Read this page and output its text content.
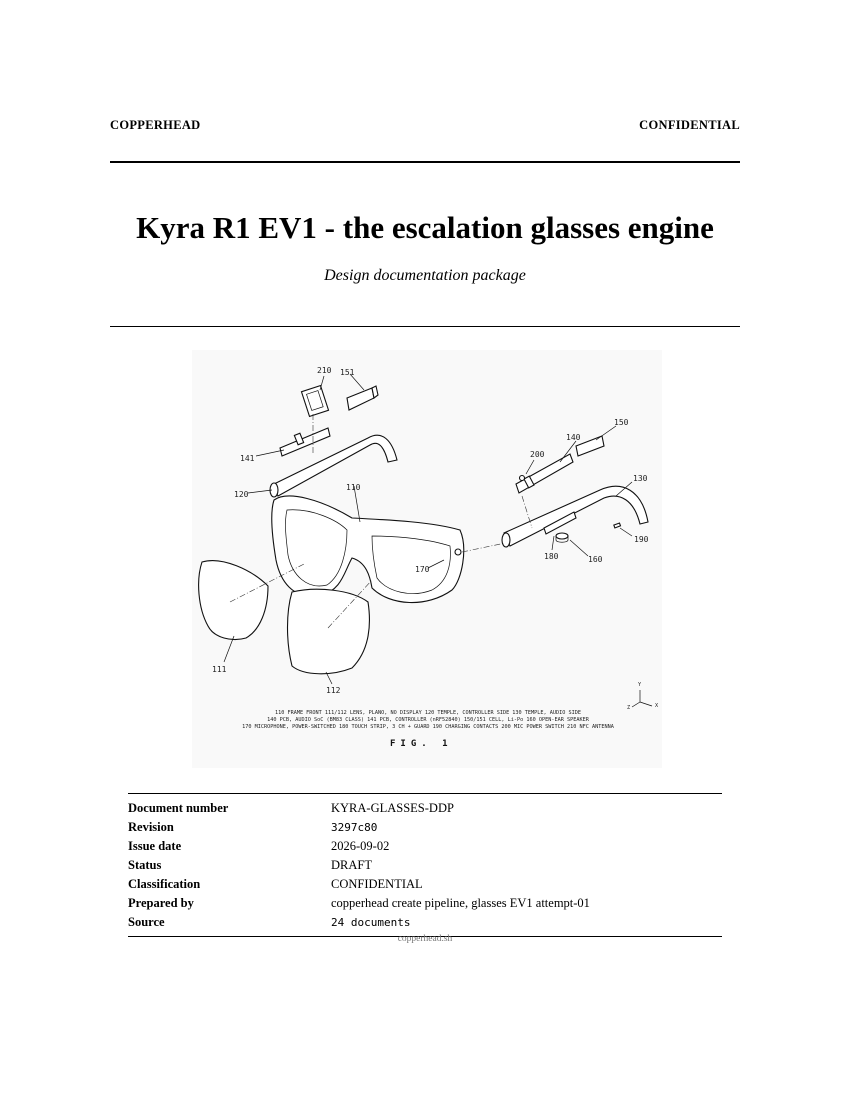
COPPERHEAD	CONFIDENTIAL
Kyra R1 EV1 - the escalation glasses engine
Design documentation package
210 151
141
120
110
170
111
112
150
140
200
130
190
180	160
Y
Z	X
110 FRAME FRONT 111/112 LENS, PLANO, NO DISPLAY 120 TEMPLE, CONTROLLER SIDE 130 TEMPLE, AUDIO SIDE
140 PCB, AUDIO SoC (BM83 CLASS) 141 PCB, CONTROLLER (nRF52840) 150/151 CELL, Li-Po 160 OPEN-EAR SPEAKER
170 MICROPHONE, POWER-SWITCHED 180 TOUCH STRIP, 3 CH + GUARD 190 CHARGING CONTACTS 200 MIC POWER SWITCH 210 NFC ANTENNA
FIG. 1
Document number	KYRA-GLASSES-DDP
Revision	3297c80
Issue date	2026-09-02
Status	DRAFT
Classification	CONFIDENTIAL
Prepared by	copperhead create pipeline, glasses EV1 attempt-01
Source	24 documents
copperhead.sh
